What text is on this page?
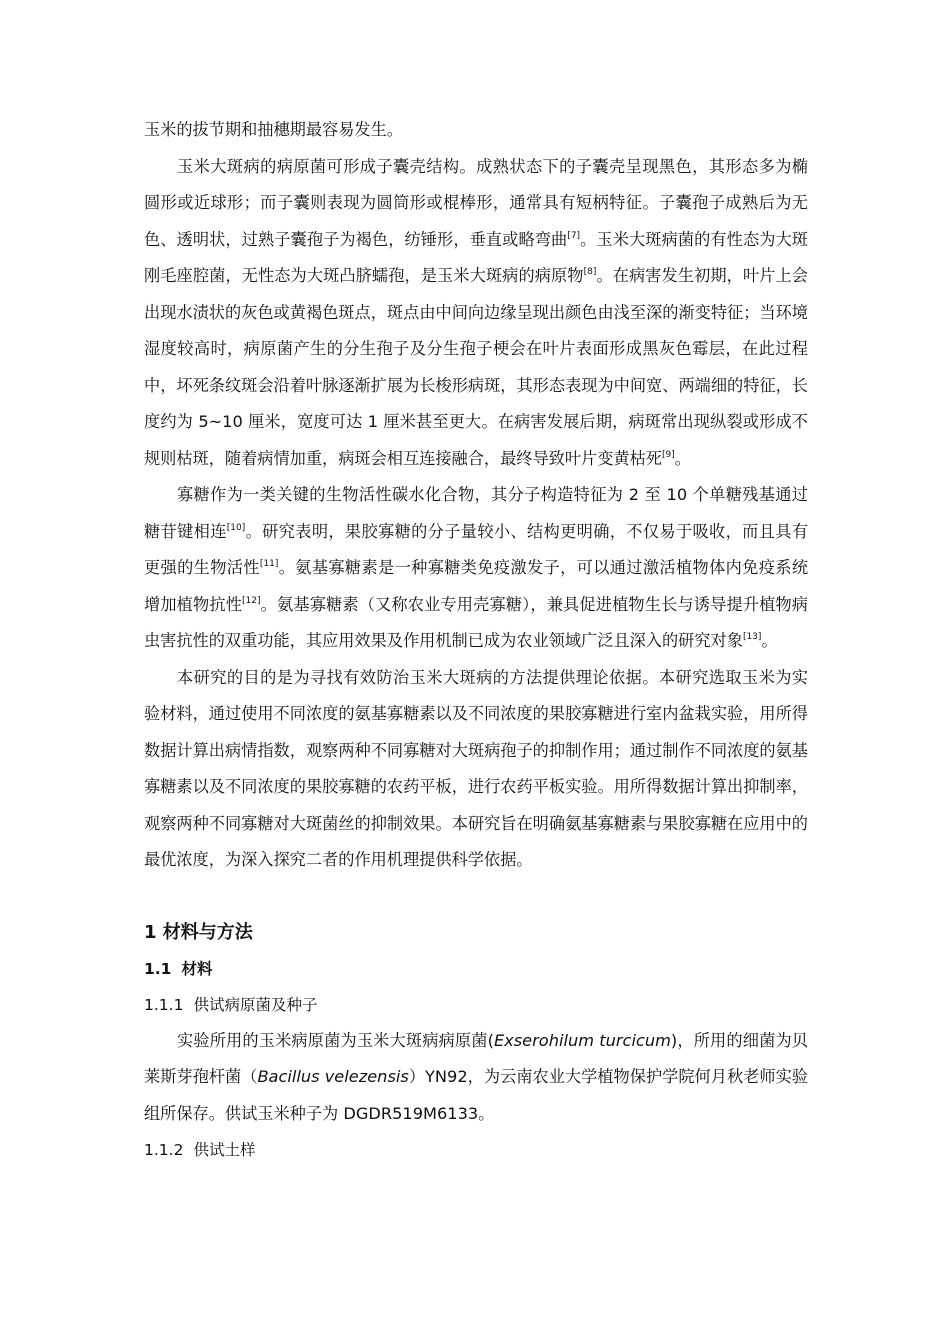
玉米的拔节期和抽穗期最容易发生。

玉米大斑病的病原菌可形成子囊壳结构。成熟状态下的子囊壳呈现黑色，其形态多为椭圆形或近球形；而子囊则表现为圆筒形或棍棒形，通常具有短柄特征。子囊孢子成熟后为无色、透明状，过熟子囊孢子为褐色，纺锤形，垂直或略弯曲[7]。玉米大斑病菌的有性态为大斑刚毛座腔菌，无性态为大斑凸脐蠕孢，是玉米大斑病的病原物[8]。在病害发生初期，叶片上会出现水渍状的灰色或黄褐色斑点，斑点由中间向边缘呈现出颜色由浅至深的渐变特征；当环境湿度较高时，病原菌产生的分生孢子及分生孢子梗会在叶片表面形成黑灰色霉层，在此过程中，坏死条纹斑会沿着叶脉逐渐扩展为长梭形病斑，其形态表现为中间宽、两端细的特征，长度约为 5~10 厘米，宽度可达 1 厘米甚至更大。在病害发展后期，病斑常出现纵裂或形成不规则枯斑，随着病情加重，病斑会相互连接融合，最终导致叶片变黄枯死[9]。

寡糖作为一类关键的生物活性碳水化合物，其分子构造特征为 2 至 10 个单糖残基通过糖苷键相连[10]。研究表明，果胶寡糖的分子量较小、结构更明确，不仅易于吸收，而且具有更强的生物活性[11]。氨基寡糖素是一种寡糖类免疫激发子，可以通过激活植物体内免疫系统增加植物抗性[12]。氨基寡糖素（又称农业专用壳寡糖），兼具促进植物生长与诱导提升植物病虫害抗性的双重功能，其应用效果及作用机制已成为农业领域广泛且深入的研究对象[13]。

本研究的目的是为寻找有效防治玉米大斑病的方法提供理论依据。本研究选取玉米为实验材料，通过使用不同浓度的氨基寡糖素以及不同浓度的果胶寡糖进行室内盆栽实验，用所得数据计算出病情指数，观察两种不同寡糖对大斑病孢子的抑制作用；通过制作不同浓度的氨基寡糖素以及不同浓度的果胶寡糖的农药平板，进行农药平板实验。用所得数据计算出抑制率，观察两种不同寡糖对大斑菌丝的抑制效果。本研究旨在明确氨基寡糖素与果胶寡糖在应用中的最优浓度，为深入探究二者的作用机理提供科学依据。

1 材料与方法
1.1 材料
1.1.1 供试病原菌及种子

实验所用的玉米病原菌为玉米大斑病病原菌(Exserohilum turcicum)，所用的细菌为贝莱斯芽孢杆菌（Bacillus velezensis）YN92，为云南农业大学植物保护学院何月秋老师实验组所保存。供试玉米种子为 DGDR519M6133。

1.1.2 供试土样
